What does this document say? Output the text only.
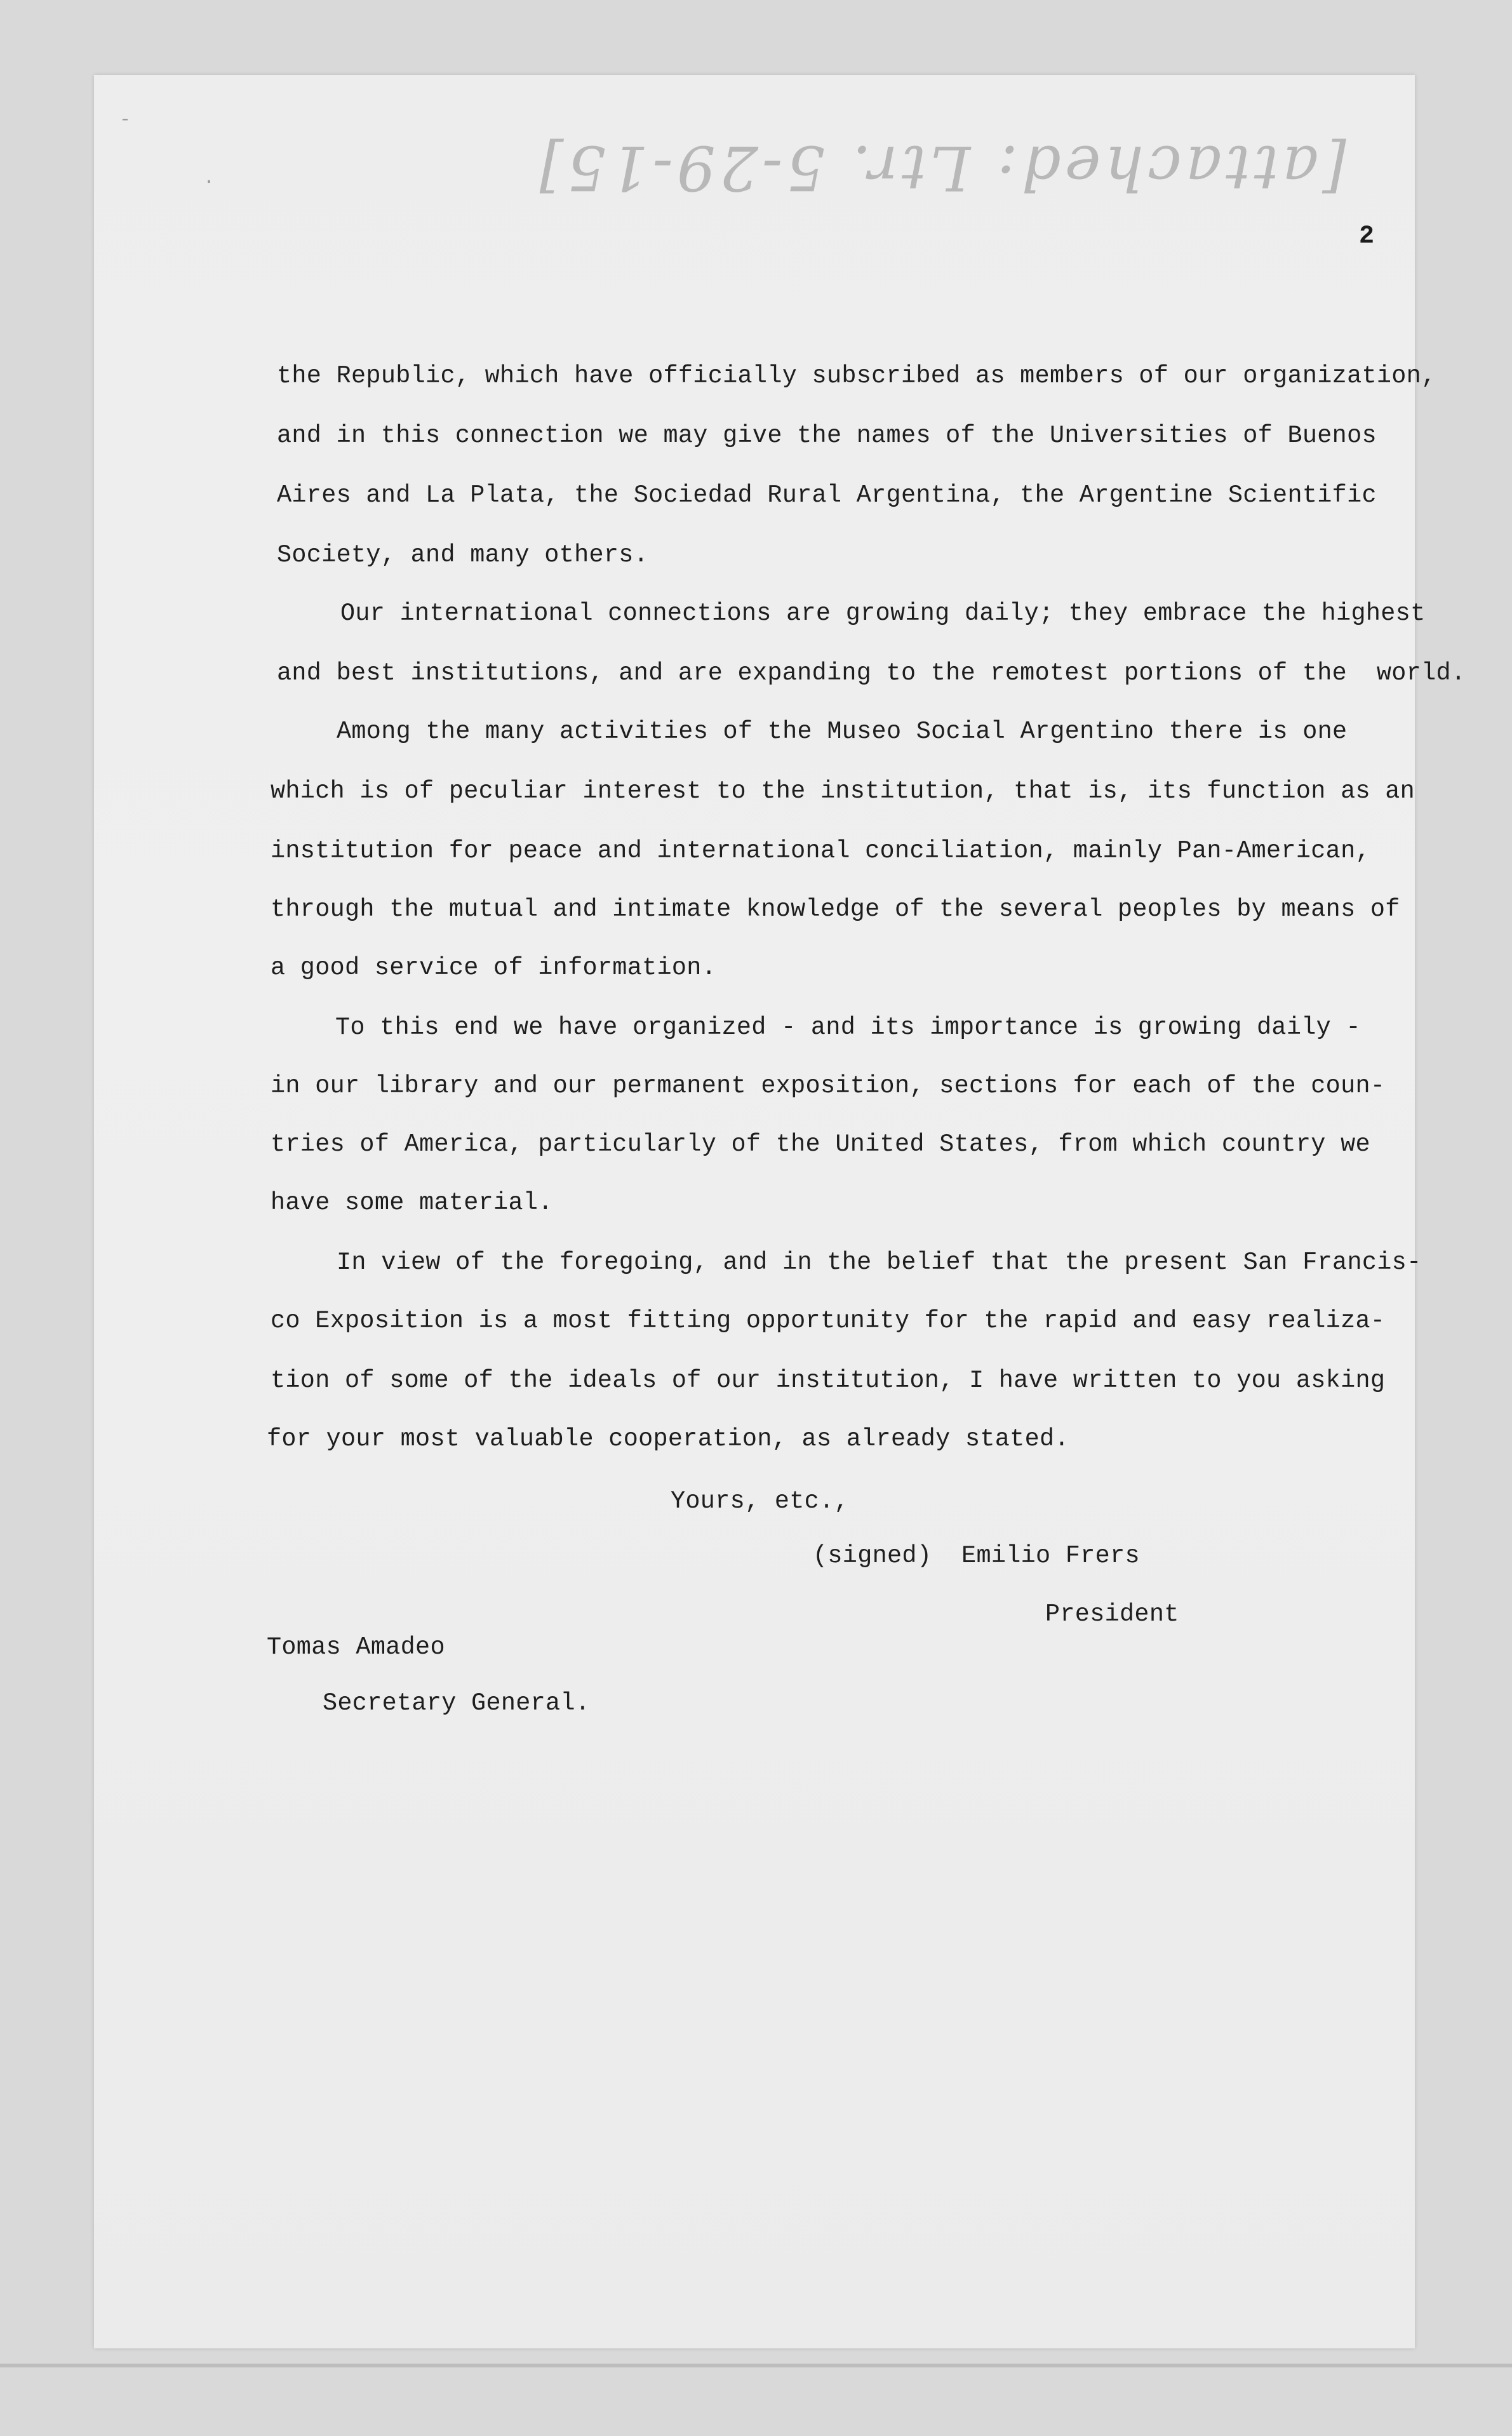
-
·	[attached: Ltr. 5-29-15]
2
the Republic, which have officially subscribed as members of our organization,
and in this connection we may give the names of the Universities of Buenos
Aires and La Plata, the Sociedad Rural Argentina, the Argentine Scientific
Society, and many others.
Our international connections are growing daily; they embrace the highest
and best institutions, and are expanding to the remotest portions of the  world.
Among the many activities of the Museo Social Argentino there is one
which is of peculiar interest to the institution, that is, its function as an
institution for peace and international conciliation, mainly Pan-American,
through the mutual and intimate knowledge of the several peoples by means of
a good service of information.
To this end we have organized - and its importance is growing daily -
in our library and our permanent exposition, sections for each of the coun-
tries of America, particularly of the United States, from which country we
have some material.
In view of the foregoing, and in the belief that the present San Francis-
co Exposition is a most fitting opportunity for the rapid and easy realiza-
tion of some of the ideals of our institution, I have written to you asking
for your most valuable cooperation, as already stated.
Yours, etc.,
(signed)  Emilio Frers
President
Tomas Amadeo
Secretary General.
